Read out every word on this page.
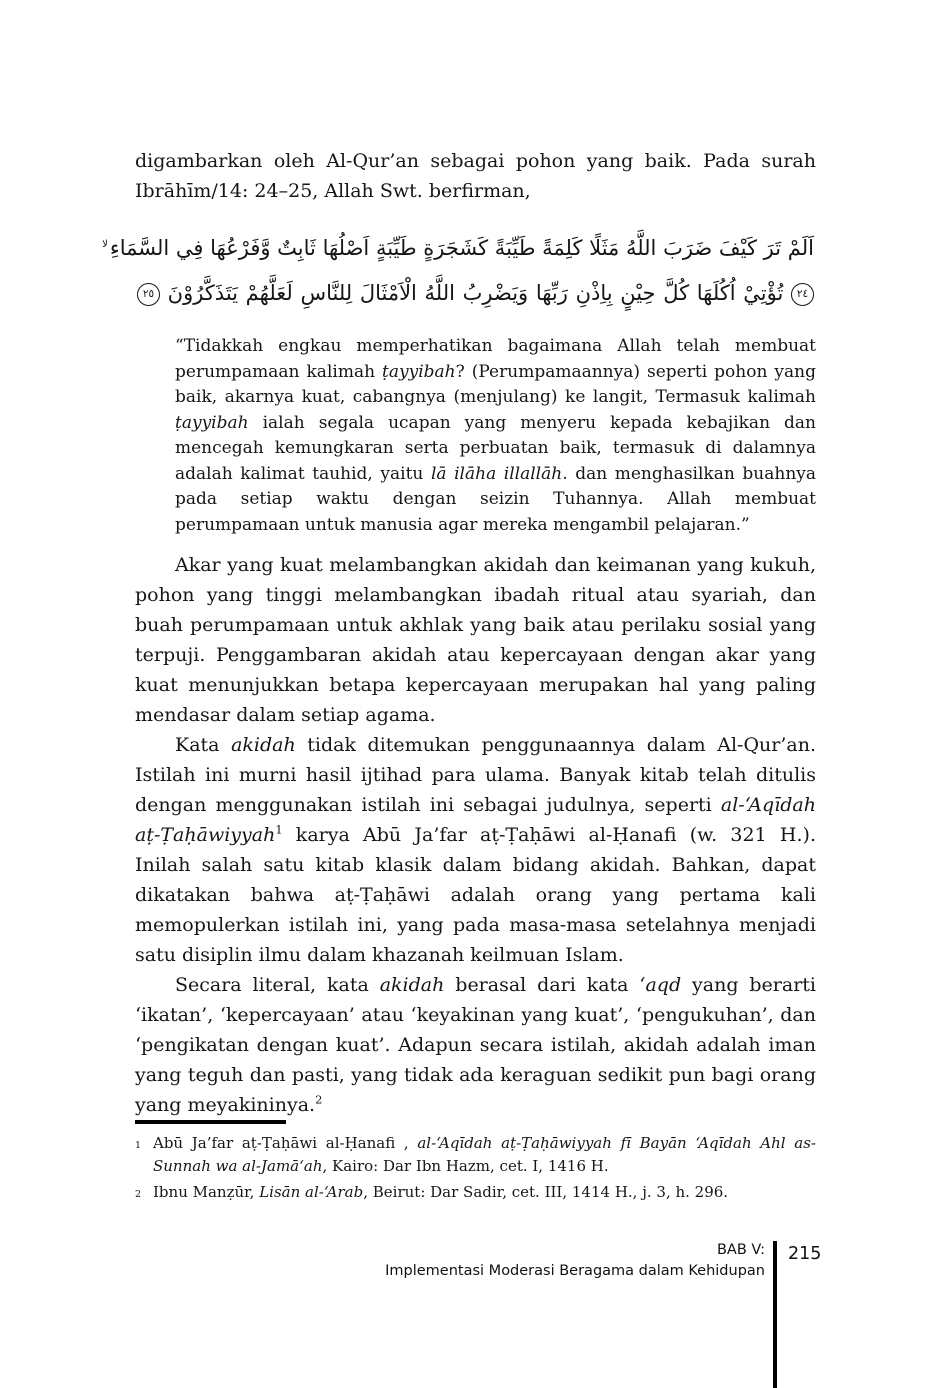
digambarkan oleh Al-Qur’an sebagai pohon yang baik. Pada surah Ibrāhīm/14: 24–25, Allah Swt. berfirman,

اَلَمْ تَرَ كَيْفَ ضَرَبَ اللَّهُ مَثَلًا كَلِمَةً طَيِّبَةً كَشَجَرَةٍ طَيِّبَةٍ اَصْلُهَا ثَابِتٌ وَّفَرْعُهَا فِي السَّمَاءِ$^{لا}$
٢٤ تُؤْتِيْ اُكُلَهَا كُلَّ حِيْنٍ بِاِذْنِ رَبِّهَا وَيَضْرِبُ اللَّهُ الْاَمْثَالَ لِلنَّاسِ لَعَلَّهُمْ يَتَذَكَّرُوْنَ ٢٥
“Tidakkah engkau memperhatikan bagaimana Allah telah membuat perumpamaan kalimah ṭayyibah? (Perumpamaannya) seperti pohon yang baik, akarnya kuat, cabangnya (menjulang) ke langit, Termasuk kalimah ṭayyibah ialah segala ucapan yang menyeru kepada kebajikan dan mencegah kemungkaran serta perbuatan baik, termasuk di dalamnya adalah kalimat tauhid, yaitu lā ilāha illallāh. dan menghasilkan buahnya pada setiap waktu dengan seizin Tuhannya. Allah membuat perumpamaan untuk manusia agar mereka mengambil pelajaran.”

Akar yang kuat melambangkan akidah dan keimanan yang kukuh, pohon yang tinggi melambangkan ibadah ritual atau syariah, dan buah perumpamaan untuk akhlak yang baik atau perilaku sosial yang terpuji. Penggambaran akidah atau kepercayaan dengan akar yang kuat menunjukkan betapa kepercayaan merupakan hal yang paling mendasar dalam setiap agama.

Kata akidah tidak ditemukan penggunaannya dalam Al-Qur’an. Istilah ini murni hasil ijtihad para ulama. Banyak kitab telah ditulis dengan menggunakan istilah ini sebagai judulnya, seperti al-‘Aqīdah aṭ-Ṭaḥāwiyyah$^1$ karya Abū Ja’far aṭ-Ṭaḥāwi al-Ḥanafi (w. 321 H.). Inilah salah satu kitab klasik dalam bidang akidah. Bahkan, dapat dikatakan bahwa aṭ-Ṭaḥāwi adalah orang yang pertama kali memopulerkan istilah ini, yang pada masa-masa setelahnya menjadi satu disiplin ilmu dalam khazanah keilmuan Islam.

Secara literal, kata akidah berasal dari kata ‘aqd yang berarti ‘ikatan’, ‘kepercayaan’ atau ‘keyakinan yang kuat’, ‘pengukuhan’, dan ‘pengikatan dengan kuat’. Adapun secara istilah, akidah adalah iman yang teguh dan pasti, yang tidak ada keraguan sedikit pun bagi orang yang meyakininya.$^2$

1 Abū Ja’far aṭ-Ṭaḥāwi al-Ḥanafi , al-‘Aqīdah aṭ-Ṭaḥāwiyyah fī Bayān ‘Aqīdah Ahl as-Sunnah wa al-Jamā‘ah, Kairo: Dar Ibn Hazm, cet. I, 1416 H.
2 Ibnu Manẓūr, Lisān al-‘Arab, Beirut: Dar Sadir, cet. III, 1414 H., j. 3, h. 296.
BAB V:
Implementasi Moderasi Beragama dalam Kehidupan
215
